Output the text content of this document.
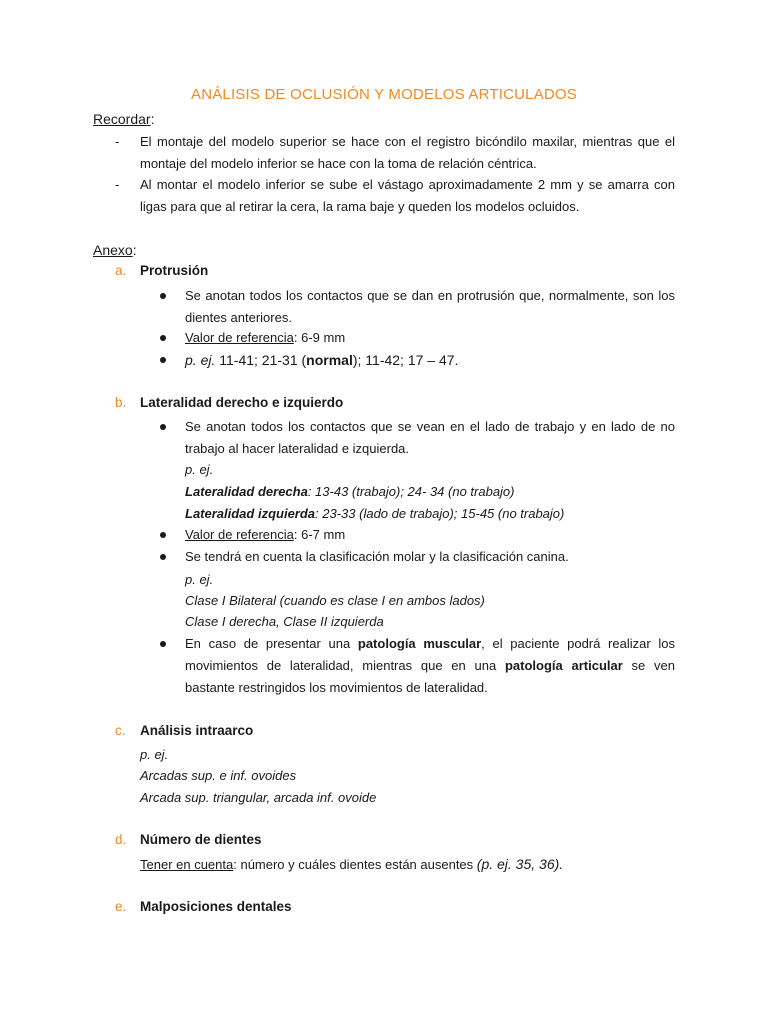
ANÁLISIS DE OCLUSIÓN Y MODELOS ARTICULADOS
Recordar:
- El montaje del modelo superior se hace con el registro bicóndilo maxilar, mientras que el montaje del modelo inferior se hace con la toma de relación céntrica.
- Al montar el modelo inferior se sube el vástago aproximadamente 2 mm y se amarra con ligas para que al retirar la cera, la rama baje y queden los modelos ocluidos.
Anexo:
a. Protrusión
Se anotan todos los contactos que se dan en protrusión que, normalmente, son los dientes anteriores.
Valor de referencia: 6-9 mm
p. ej. 11-41; 21-31 (normal); 11-42; 17 – 47.
b. Lateralidad derecho e izquierdo
Se anotan todos los contactos que se vean en el lado de trabajo y en lado de no trabajo al hacer lateralidad e izquierda.
p. ej.
Lateralidad derecha: 13-43 (trabajo); 24- 34 (no trabajo)
Lateralidad izquierda: 23-33 (lado de trabajo); 15-45 (no trabajo)
Valor de referencia: 6-7 mm
Se tendrá en cuenta la clasificación molar y la clasificación canina.
p. ej.
Clase I Bilateral (cuando es clase I en ambos lados)
Clase I derecha, Clase II izquierda
En caso de presentar una patología muscular, el paciente podrá realizar los movimientos de lateralidad, mientras que en una patología articular se ven bastante restringidos los movimientos de lateralidad.
c. Análisis intraarco
p. ej.
Arcadas sup. e inf. ovoides
Arcada sup. triangular, arcada inf. ovoide
d. Número de dientes
Tener en cuenta: número y cuáles dientes están ausentes (p. ej. 35, 36).
e. Malposiciones dentales
